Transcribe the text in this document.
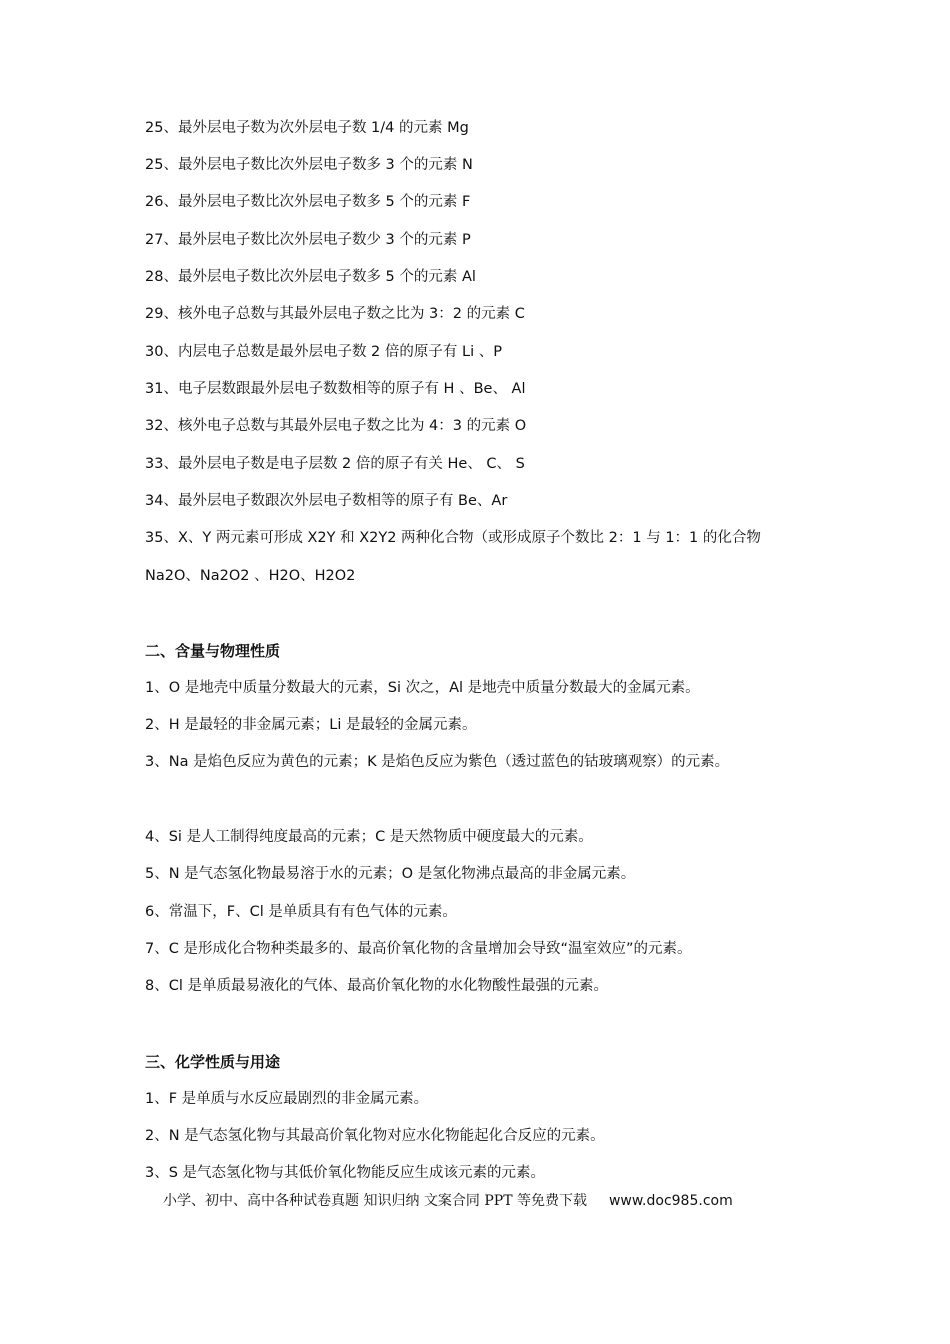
25、最外层电子数为次外层电子数 1/4 的元素 Mg
25、最外层电子数比次外层电子数多 3 个的元素 N
26、最外层电子数比次外层电子数多 5 个的元素 F
27、最外层电子数比次外层电子数少 3 个的元素 P
28、最外层电子数比次外层电子数多 5 个的元素 Al
29、核外电子总数与其最外层电子数之比为 3：2 的元素 C
30、内层电子总数是最外层电子数 2 倍的原子有 Li 、P
31、电子层数跟最外层电子数数相等的原子有 H 、Be、 Al
32、核外电子总数与其最外层电子数之比为 4：3 的元素 O
33、最外层电子数是电子层数 2 倍的原子有关 He、 C、 S
34、最外层电子数跟次外层电子数相等的原子有 Be、Ar
35、X、Y 两元素可形成 X2Y 和 X2Y2 两种化合物（或形成原子个数比 2：1 与 1：1 的化合物
Na2O、Na2O2 、H2O、H2O2
二、含量与物理性质
1、O 是地壳中质量分数最大的元素，Si 次之，Al 是地壳中质量分数最大的金属元素。
2、H 是最轻的非金属元素；Li 是最轻的金属元素。
3、Na 是焰色反应为黄色的元素；K 是焰色反应为紫色（透过蓝色的钴玻璃观察）的元素。
4、Si 是人工制得纯度最高的元素；C 是天然物质中硬度最大的元素。
5、N 是气态氢化物最易溶于水的元素；O 是氢化物沸点最高的非金属元素。
6、常温下，F、Cl 是单质具有有色气体的元素。
7、C 是形成化合物种类最多的、最高价氧化物的含量增加会导致“温室效应”的元素。
8、Cl 是单质最易液化的气体、最高价氧化物的水化物酸性最强的元素。
三、化学性质与用途
1、F 是单质与水反应最剧烈的非金属元素。
2、N 是气态氢化物与其最高价氧化物对应水化物能起化合反应的元素。
3、S 是气态氢化物与其低价氧化物能反应生成该元素的元素。
小学、初中、高中各种试卷真题 知识归纳 文案合同 PPT 等免费下载 www.doc985.com
